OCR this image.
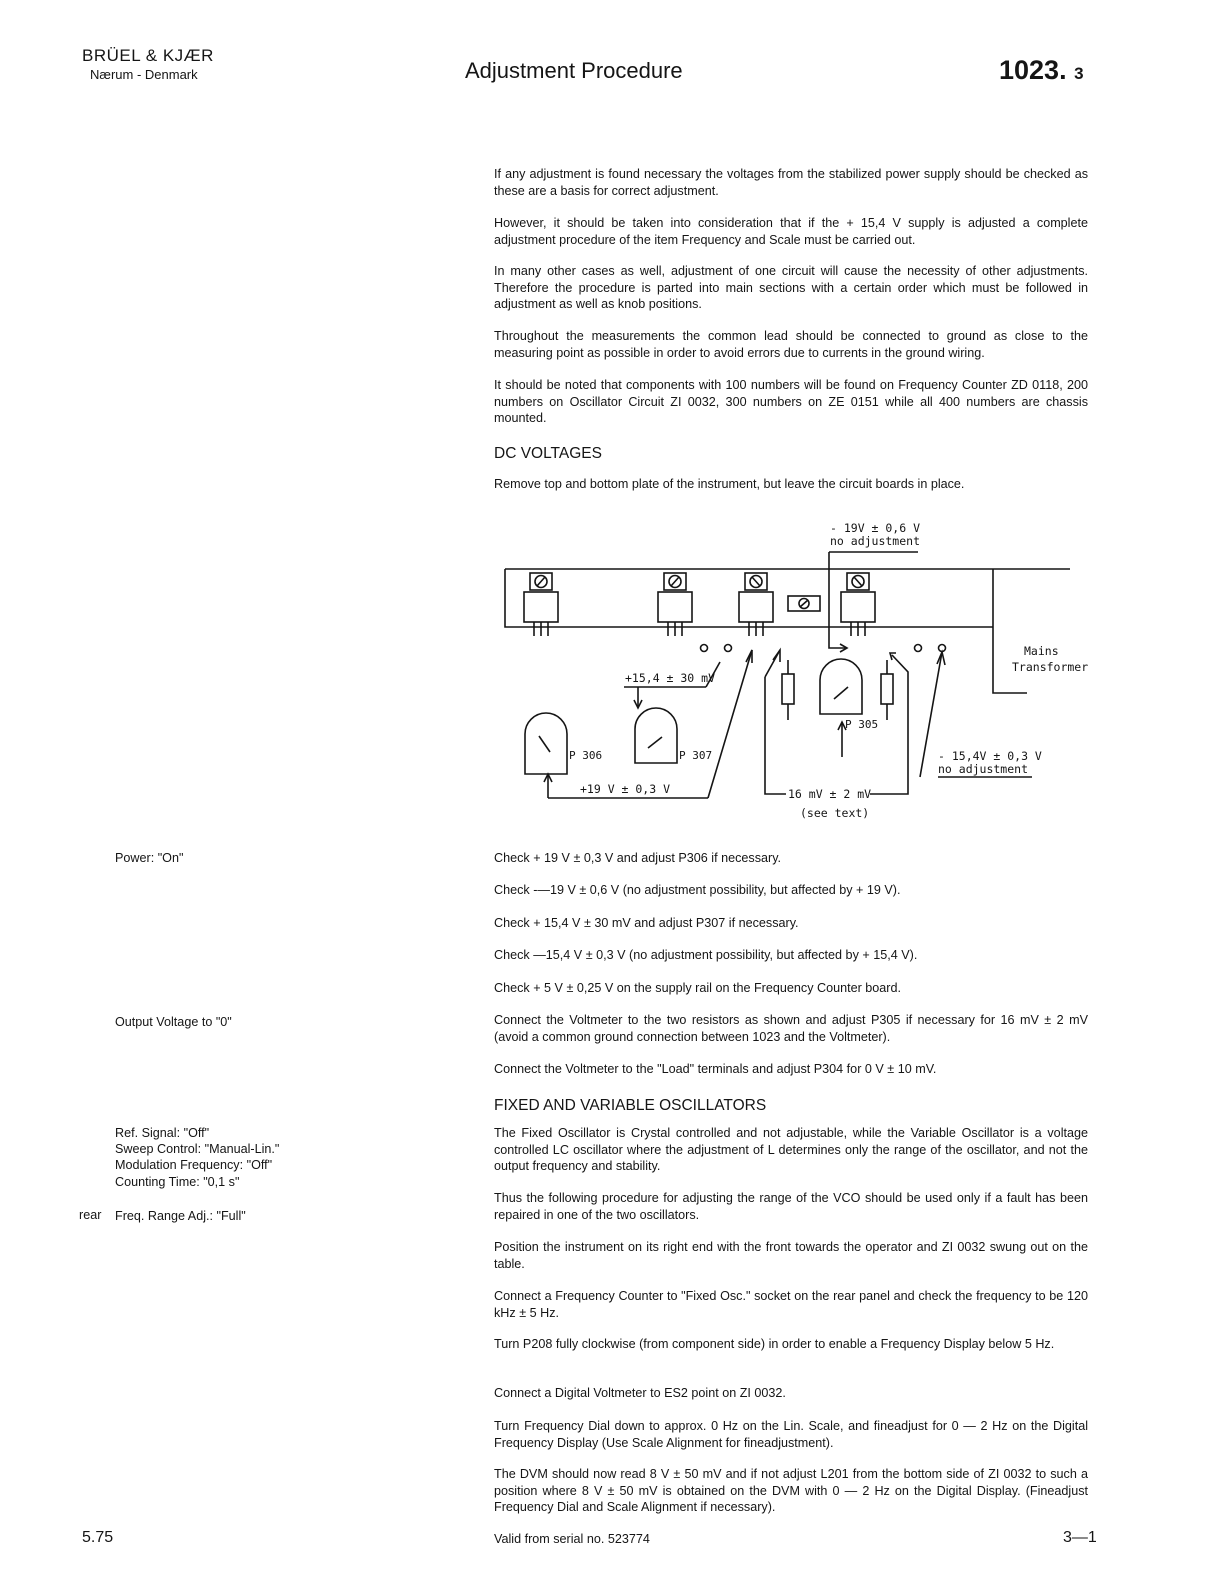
BRÜEL & KJÆR
Nærum - Denmark	Adjustment Procedure	1023. 3

If any adjustment is found necessary the voltages from the stabilized power supply should be checked as these are a basis for correct adjustment.

However, it should be taken into consideration that if the + 15,4 V supply is adjusted a complete adjustment procedure of the item Frequency and Scale must be carried out.

In many other cases as well, adjustment of one circuit will cause the necessity of other adjustments. Therefore the procedure is parted into main sections with a certain order which must be followed in adjustment as well as knob positions.

Throughout the measurements the common lead should be connected to ground as close to the measuring point as possible in order to avoid errors due to currents in the ground wiring.

It should be noted that components with 100 numbers will be found on Frequency Counter ZD 0118, 200 numbers on Oscillator Circuit ZI 0032, 300 numbers on ZE 0151 while all 400 numbers are chassis mounted.

DC VOLTAGES

Remove top and bottom plate of the instrument, but leave the circuit boards in place.

- 19V ± 0,6 V
no adjustment
+15,4 ± 30 mV
P 306	P 307
P 305
+19 V ± 0,3 V	16 mV ± 2 mV
(see text)
- 15,4V ± 0,3 V
no adjustment
Mains
Transformer

Check + 19 V ± 0,3 V and adjust P306 if necessary.

Check -—19 V ± 0,6 V (no adjustment possibility, but affected by + 19 V).

Check + 15,4 V ± 30 mV and adjust P307 if necessary.

Check —15,4 V ± 0,3 V (no adjustment possibility, but affected by + 15,4 V).

Check + 5 V ± 0,25 V on the supply rail on the Frequency Counter board.

Connect the Voltmeter to the two resistors as shown and adjust P305 if necessary for 16 mV ± 2 mV (avoid a common ground connection between 1023 and the Voltmeter).

Connect the Voltmeter to the "Load" terminals and adjust P304 for 0 V ± 10 mV.

FIXED AND VARIABLE OSCILLATORS

The Fixed Oscillator is Crystal controlled and not adjustable, while the Variable Oscillator is a voltage controlled LC oscillator where the adjustment of L determines only the range of the oscillator, and not the output frequency and stability.

Thus the following procedure for adjusting the range of the VCO should be used only if a fault has been repaired in one of the two oscillators.

Position the instrument on its right end with the front towards the operator and ZI 0032 swung out on the table.

Connect a Frequency Counter to "Fixed Osc." socket on the rear panel and check the frequency to be 120 kHz ± 5 Hz.

Turn P208 fully clockwise (from component side) in order to enable a Frequency Display below 5 Hz.

Connect a Digital Voltmeter to ES2 point on ZI 0032.

Turn Frequency Dial down to approx. 0 Hz on the Lin. Scale, and fineadjust for 0 — 2 Hz on the Digital Frequency Display (Use Scale Alignment for fineadjustment).

The DVM should now read 8 V ± 50 mV and if not adjust L201 from the bottom side of ZI 0032 to such a position where 8 V ± 50 mV is obtained on the DVM with 0 — 2 Hz on the Digital Display. (Fineadjust Frequency Dial and Scale Alignment if necessary).

Power: "On"
Output Voltage to "0"
Ref. Signal: "Off"
Sweep Control: "Manual-Lin."
Modulation Frequency: "Off"
Counting Time: "0,1 s"
rear Freq. Range Adj.: "Full"
5.75	Valid from serial no. 523774	3—1
